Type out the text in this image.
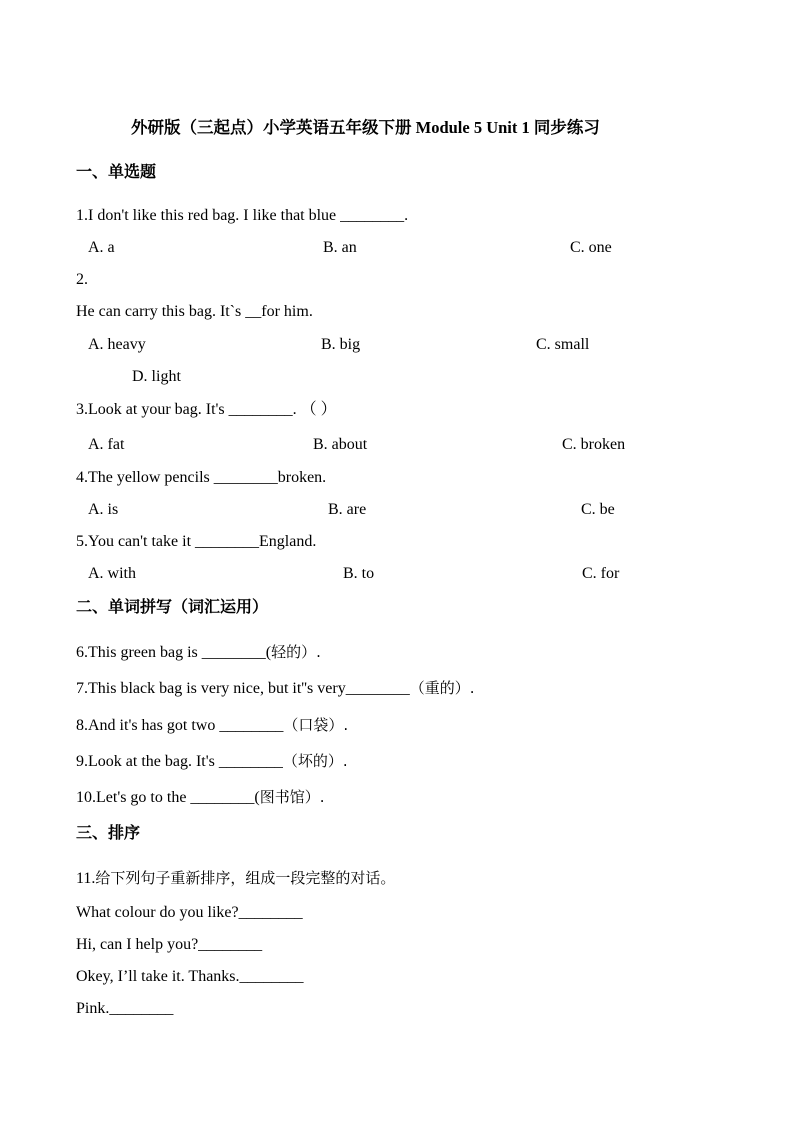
外研版（三起点）小学英语五年级下册 Module 5 Unit 1 同步练习
一、单选题
1.I don't like this red bag. I like that blue ________.
A. a	B. an	C. one
2.
He can carry this bag. It`s __for him.
A. heavy	B. big	C. small
D. light
3.Look at your bag. It's ________. （ ）
A. fat	B. about	C. broken
4.The yellow pencils ________broken.
A. is	B. are	C. be
5.You can't take it ________England.
A. with	B. to	C. for
二、单词拼写（词汇运用）
6.This green bag is ________(轻的）.
7.This black bag is very nice, but it''s very________（重的）.
8.And it's has got two ________（口袋）.
9.Look at the bag. It's ________（坏的）.
10.Let's go to the ________(图书馆）.
三、排序
11.给下列句子重新排序，组成一段完整的对话。
What colour do you like?________
Hi, can I help you?________
Okey, I’ll take it. Thanks.________
Pink.________
